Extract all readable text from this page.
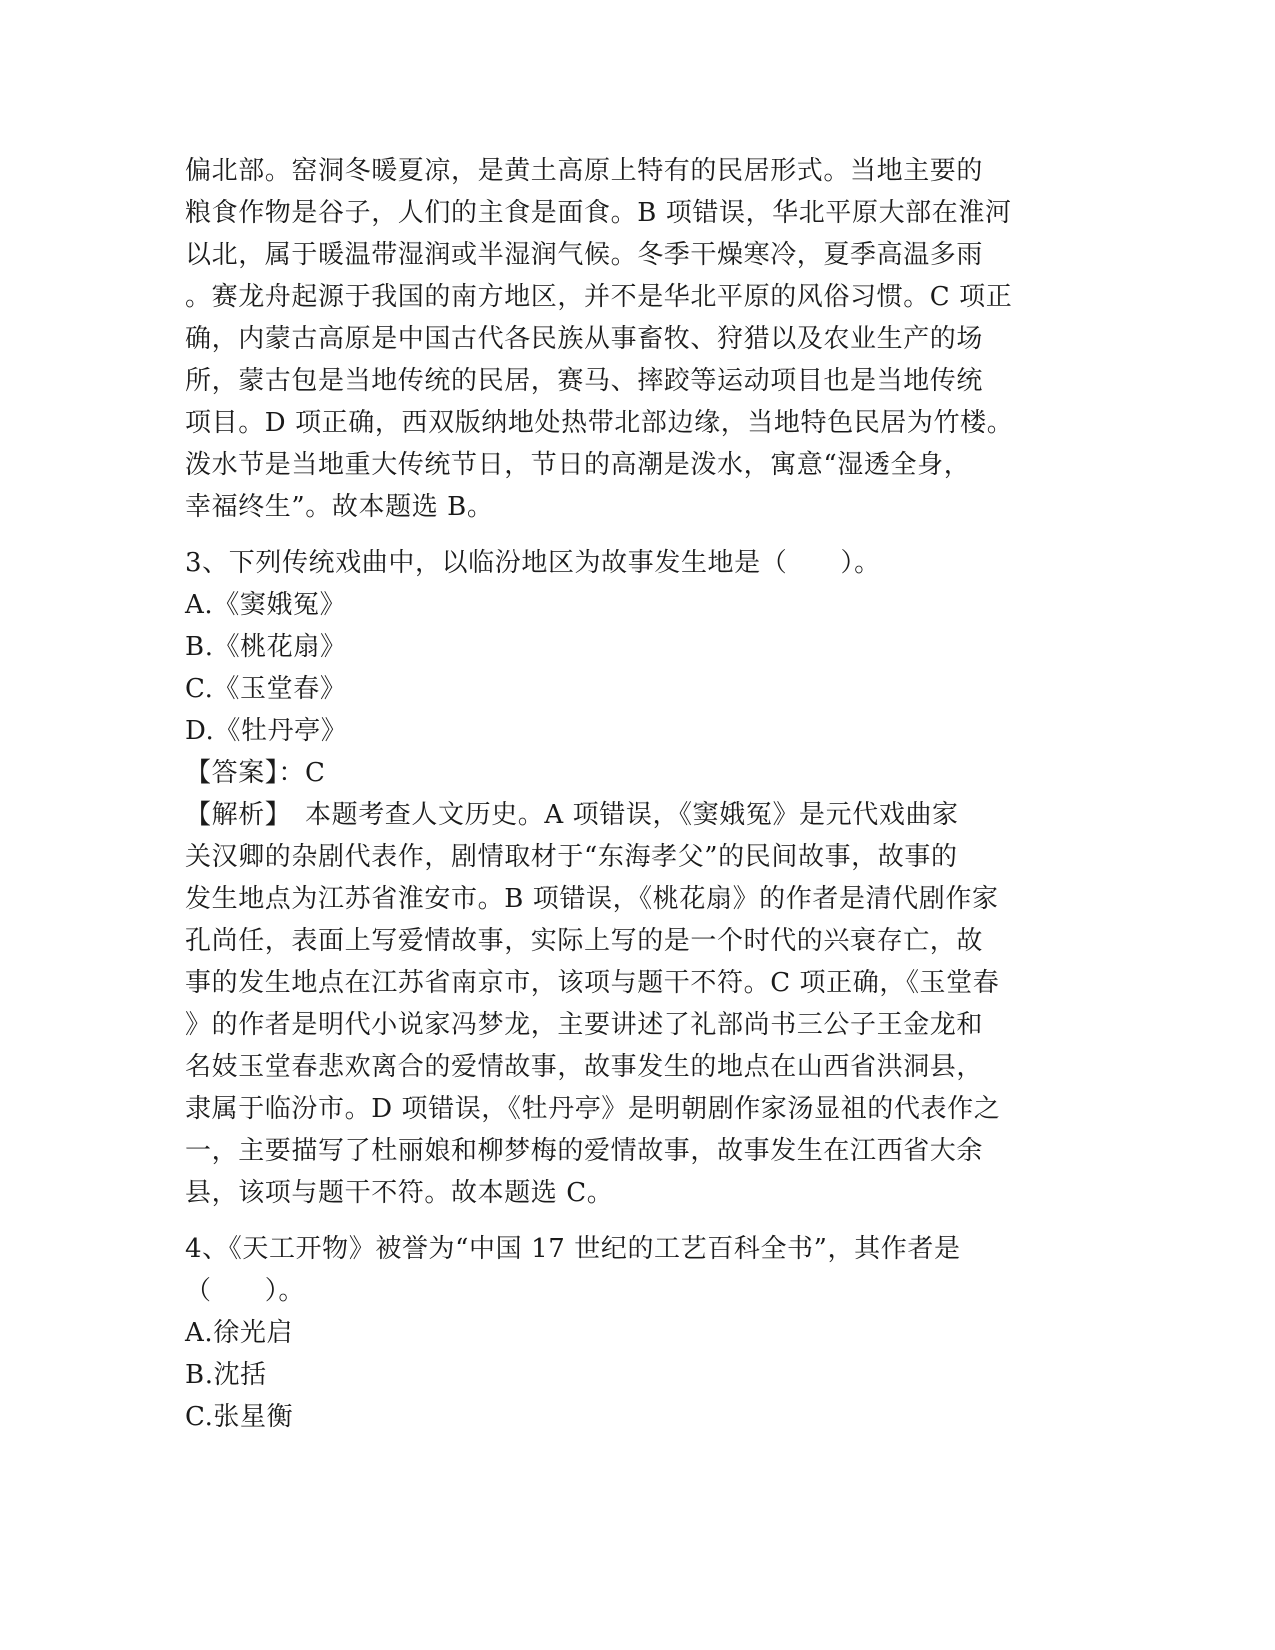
偏北部。窑洞冬暖夏凉，是黄土高原上特有的民居形式。当地主要的
粮食作物是谷子，人们的主食是面食。B 项错误，华北平原大部在淮河
以北，属于暖温带湿润或半湿润气候。冬季干燥寒冷，夏季高温多雨
。赛龙舟起源于我国的南方地区，并不是华北平原的风俗习惯。C 项正
确，内蒙古高原是中国古代各民族从事畜牧、狩猎以及农业生产的场
所，蒙古包是当地传统的民居，赛马、摔跤等运动项目也是当地传统
项目。D 项正确，西双版纳地处热带北部边缘，当地特色民居为竹楼。
泼水节是当地重大传统节日，节日的高潮是泼水，寓意“湿透全身，
幸福终生”。故本题选 B。
3、下列传统戏曲中，以临汾地区为故事发生地是（　　）。
A.《窦娥冤》
B.《桃花扇》
C.《玉堂春》
D.《牡丹亭》
【答案】：C
【解析】　本题考查人文历史。A 项错误，《窦娥冤》是元代戏曲家
关汉卿的杂剧代表作，剧情取材于“东海孝父”的民间故事，故事的
发生地点为江苏省淮安市。B 项错误，《桃花扇》的作者是清代剧作家
孔尚任，表面上写爱情故事，实际上写的是一个时代的兴衰存亡，故
事的发生地点在江苏省南京市，该项与题干不符。C 项正确，《玉堂春
》的作者是明代小说家冯梦龙，主要讲述了礼部尚书三公子王金龙和
名妓玉堂春悲欢离合的爱情故事，故事发生的地点在山西省洪洞县，
隶属于临汾市。D 项错误，《牡丹亭》是明朝剧作家汤显祖的代表作之
一，主要描写了杜丽娘和柳梦梅的爱情故事，故事发生在江西省大余
县，该项与题干不符。故本题选 C。
4、《天工开物》被誉为“中国 17 世纪的工艺百科全书”，其作者是
（　　）。
A.徐光启
B.沈括
C.张星衡
